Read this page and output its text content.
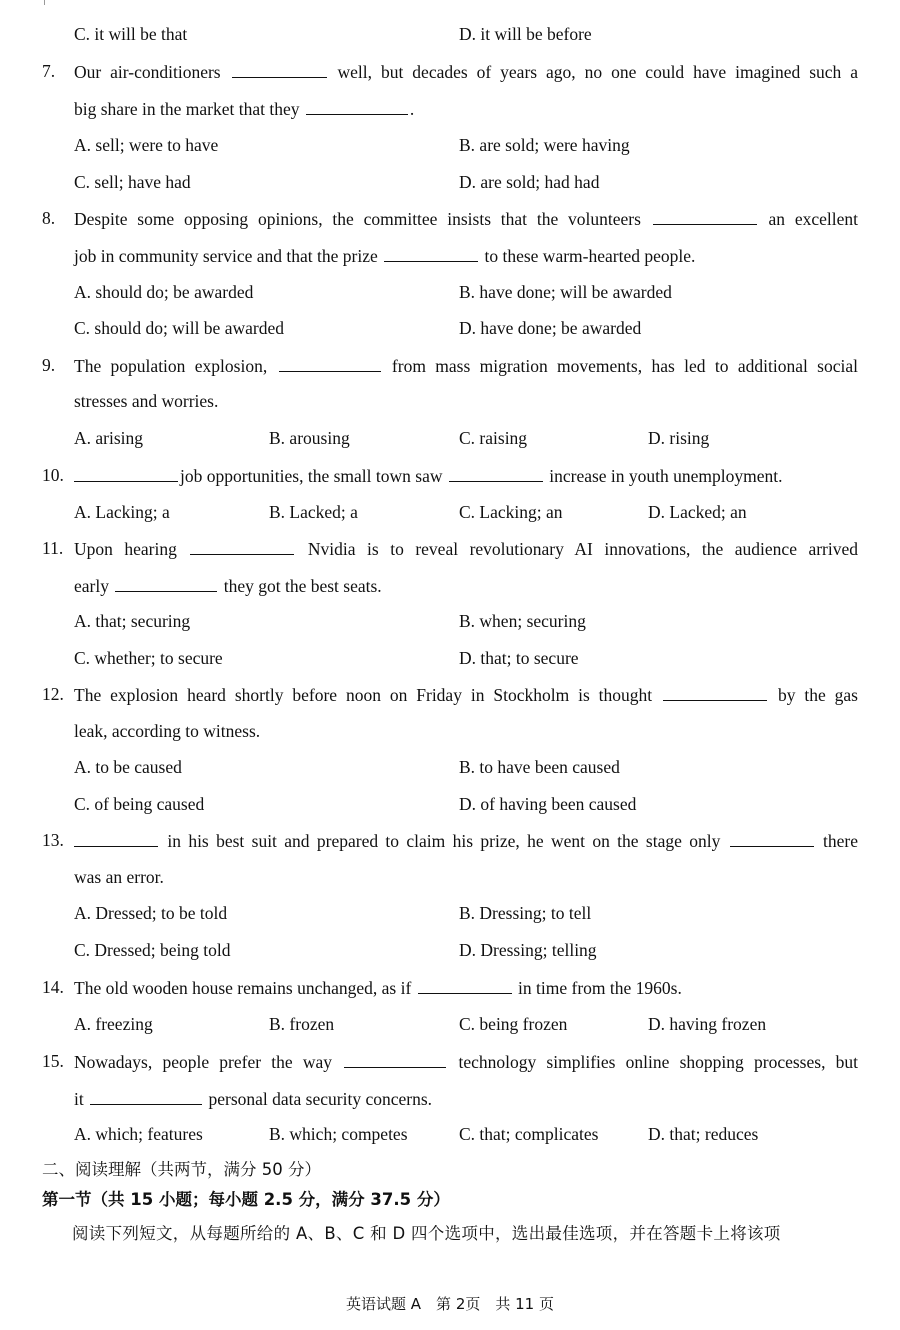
C. it will be that	D. it will be before
7. Our air-conditioners	well, but decades of years ago, no one could have imagined such a
big share in the market that they	.
A. sell; were to have	B. are sold; were having
C. sell; have had	D. are sold; had had
8. Despite some opposing opinions, the committee insists that the volunteers	an excellent
job in community service and that the prize	to these warm-hearted people.
A. should do; be awarded	B. have done; will be awarded
C. should do; will be awarded	D. have done; be awarded
9. The population explosion,	from mass migration movements, has led to additional social
stresses and worries.
A. arising	B. arousing	C. raising	D. rising
10.	job opportunities, the small town saw	increase in youth unemployment.
A. Lacking; a	B. Lacked; a	C. Lacking; an	D. Lacked; an
11. Upon hearing	Nvidia is to reveal revolutionary AI innovations, the audience arrived
early	they got the best seats.
A. that; securing	B. when; securing
C. whether; to secure	D. that; to secure
12. The explosion heard shortly before noon on Friday in Stockholm is thought	by the gas
leak, according to witness.
A. to be caused	B. to have been caused
C. of being caused	D. of having been caused
13.	in his best suit and prepared to claim his prize, he went on the stage only	there
was an error.
A. Dressed; to be told	B. Dressing; to tell
C. Dressed; being told	D. Dressing; telling
14. The old wooden house remains unchanged, as if	in time from the 1960s.
A. freezing	B. frozen	C. being frozen	D. having frozen
15. Nowadays, people prefer the way	technology simplifies online shopping processes, but
it	personal data security concerns.
A. which; features	B. which; competes	C. that; complicates	D. that; reduces
二、阅读理解（共两节，满分 50 分）
第一节（共 15 小题；每小题 2.5 分，满分 37.5 分）
阅读下列短文，从每题所给的 A、B、C 和 D 四个选项中，选出最佳选项，并在答题卡上将该项
英语试题 A　第 2页　共 11 页
